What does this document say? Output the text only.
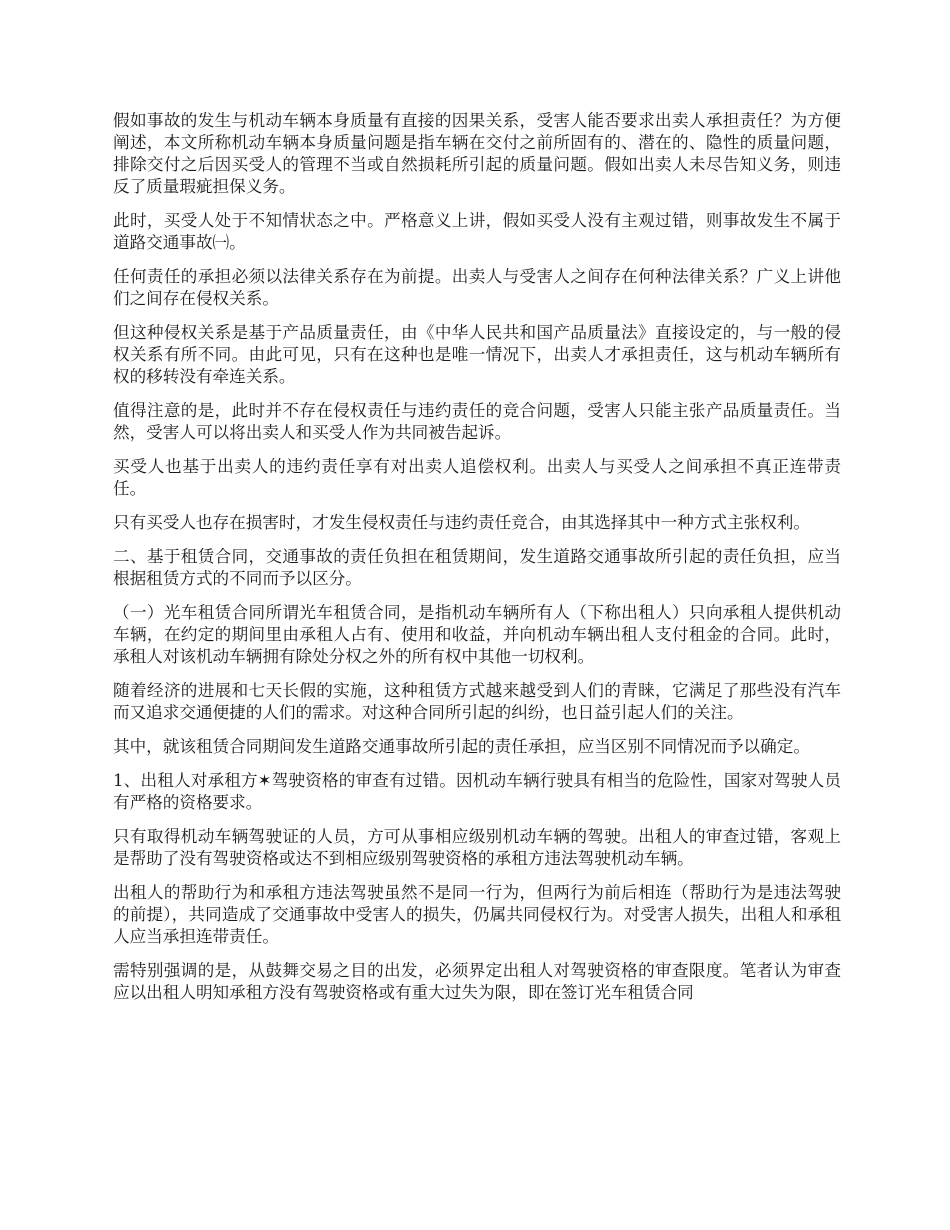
假如事故的发生与机动车辆本身质量有直接的因果关系，受害人能否要求出卖人承担责任？为方便阐述，本文所称机动车辆本身质量问题是指车辆在交付之前所固有的、潜在的、隐性的质量问题，排除交付之后因买受人的管理不当或自然损耗所引起的质量问题。假如出卖人未尽告知义务，则违反了质量瑕疵担保义务。

此时，买受人处于不知情状态之中。严格意义上讲，假如买受人没有主观过错，则事故发生不属于道路交通事故㈠。

任何责任的承担必须以法律关系存在为前提。出卖人与受害人之间存在何种法律关系？广义上讲他们之间存在侵权关系。

但这种侵权关系是基于产品质量责任，由《中华人民共和国产品质量法》直接设定的，与一般的侵权关系有所不同。由此可见，只有在这种也是唯一情况下，出卖人才承担责任，这与机动车辆所有权的移转没有牵连关系。

值得注意的是，此时并不存在侵权责任与违约责任的竞合问题，受害人只能主张产品质量责任。当然，受害人可以将出卖人和买受人作为共同被告起诉。

买受人也基于出卖人的违约责任享有对出卖人追偿权利。出卖人与买受人之间承担不真正连带责任。

只有买受人也存在损害时，才发生侵权责任与违约责任竞合，由其选择其中一种方式主张权利。

二、基于租赁合同，交通事故的责任负担在租赁期间，发生道路交通事故所引起的责任负担，应当根据租赁方式的不同而予以区分。

（一）光车租赁合同所谓光车租赁合同，是指机动车辆所有人（下称出租人）只向承租人提供机动车辆，在约定的期间里由承租人占有、使用和收益，并向机动车辆出租人支付租金的合同。此时，承租人对该机动车辆拥有除处分权之外的所有权中其他一切权利。

随着经济的进展和七天长假的实施，这种租赁方式越来越受到人们的青睐，它满足了那些没有汽车而又追求交通便捷的人们的需求。对这种合同所引起的纠纷，也日益引起人们的关注。

其中，就该租赁合同期间发生道路交通事故所引起的责任承担，应当区别不同情况而予以确定。

1、出租人对承租方✶驾驶资格的审查有过错。因机动车辆行驶具有相当的危险性，国家对驾驶人员有严格的资格要求。

只有取得机动车辆驾驶证的人员，方可从事相应级别机动车辆的驾驶。出租人的审查过错，客观上是帮助了没有驾驶资格或达不到相应级别驾驶资格的承租方违法驾驶机动车辆。

出租人的帮助行为和承租方违法驾驶虽然不是同一行为，但两行为前后相连（帮助行为是违法驾驶的前提），共同造成了交通事故中受害人的损失，仍属共同侵权行为。对受害人损失，出租人和承租人应当承担连带责任。

需特别强调的是，从鼓舞交易之目的出发，必须界定出租人对驾驶资格的审查限度。笔者认为审查应以出租人明知承租方没有驾驶资格或有重大过失为限，即在签订光车租赁合同
